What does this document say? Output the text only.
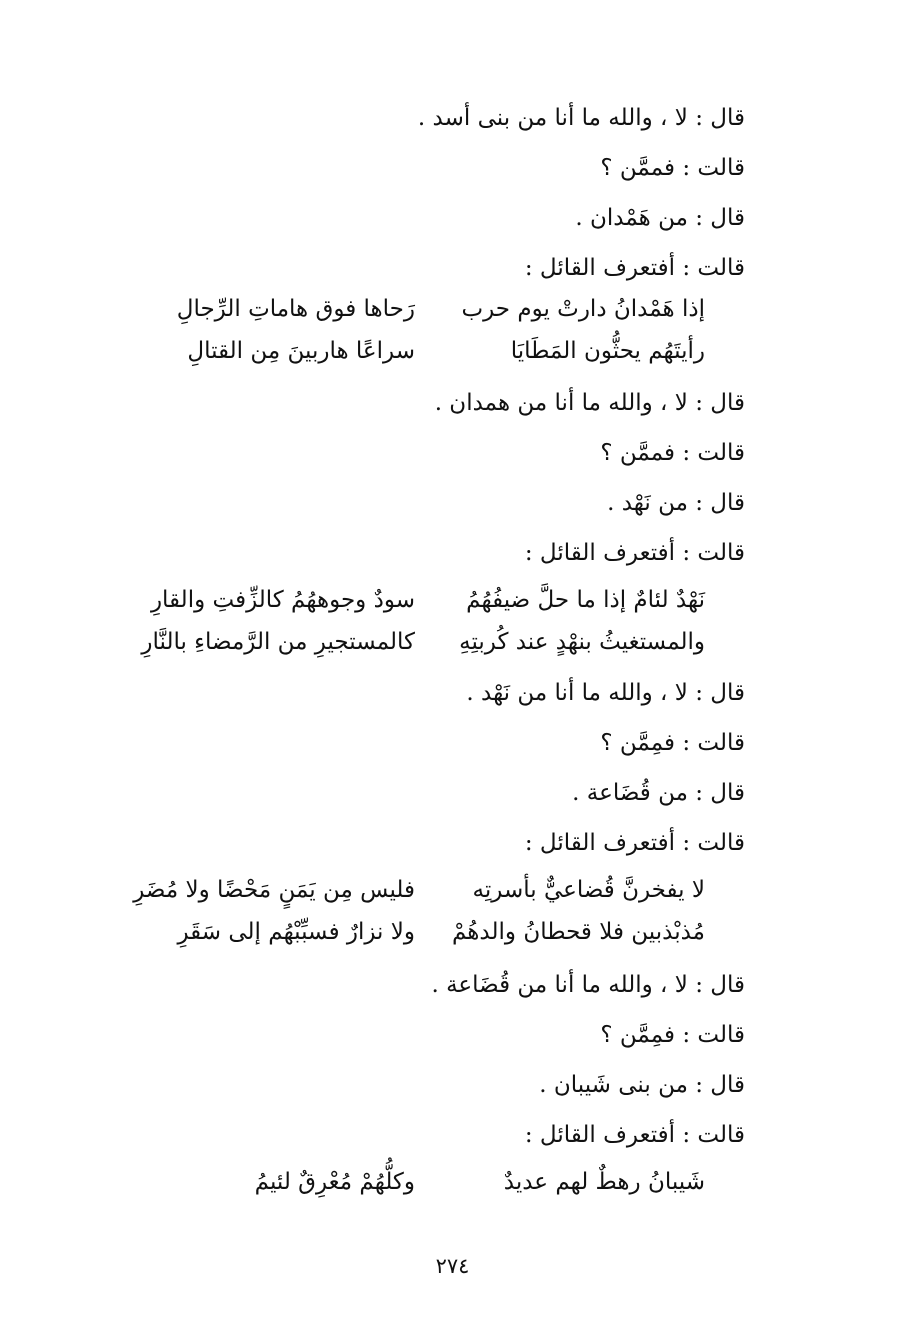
قال : لا ، والله ما أنا من بنى أسد .
قالت : فممَّن ؟
قال : من هَمْدان .
قالت : أفتعرف القائل :
إذا هَمْدانُ دارتْ يوم حرب
رَحاها فوق هاماتِ الرِّجالِ
رأيتَهُم يحثُّون المَطَايَا
سراعًا هاربينَ مِن القتالِ
قال : لا ، والله ما أنا من همدان .
قالت : فممَّن ؟
قال : من نَهْد .
قالت : أفتعرف القائل :
نَهْدٌ لئامٌ إذا ما حلَّ ضيفُهُمُ
سودٌ وجوههُمُ كالزِّفتِ والقارِ
والمستغيثُ بنهْدٍ عند كُربتِهِ
كالمستجيرِ من الرَّمضاءِ بالنَّارِ
قال : لا ، والله ما أنا من نَهْد .
قالت : فمِمَّن ؟
قال : من قُضَاعة .
قالت : أفتعرف القائل :
لا يفخرنَّ قُضاعيٌّ بأسرتِه
فليس مِن يَمَنٍ مَحْضًا ولا مُضَرِ
مُذبْذبين فلا قحطانُ والدهُمْ
ولا نزارٌ فسبِّبْهُم إلى سَقَرِ
قال : لا ، والله ما أنا من قُضَاعة .
قالت : فمِمَّن ؟
قال : من بنى شَيبان .
قالت : أفتعرف القائل :
شَيبانُ رهطٌ لهم عديدٌ
وكلُّهُمْ مُعْرِقٌ لئيمُ
٢٧٤
